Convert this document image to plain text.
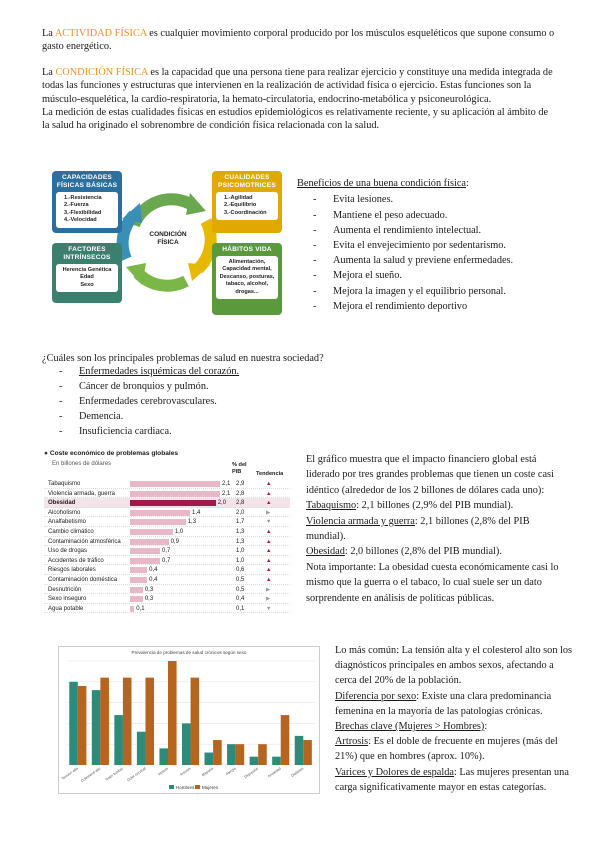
La ACTIVIDAD FÍSICA es cualquier movimiento corporal producido por los músculos esqueléticos que supone consumo o gasto energético.

La CONDICIÓN FÍSICA es la capacidad que una persona tiene para realizar ejercicio y constituye una medida integrada de todas las funciones y estructuras que intervienen en la realización de actividad física o ejercicio. Estas funciones son la músculo-esquelética, la cardio-respiratoria, la hemato-circulatoria, endocrino-metabólica y psiconeurológica.

La medición de estas cualidades físicas en estudios epidemiológicos es relativamente reciente, y su aplicación al ámbito de la salud ha originado el sobrenombre de condición física relacionada con la salud.

CONDICIÓN FÍSICA
CAPACIDADES FÍSICAS BÁSICAS
1.-Resistencia
2.-Fuerza
3.-Flexibilidad
4.-Velocidad
CUALIDADES PSICOMOTRICES
1.-Agilidad
2.-Equilibrio
3.-Coordinación
FACTORES INTRÍNSECOS
Herencia Genética
Edad
Sexo
HÁBITOS VIDA
Alimentación,
Capacidad mental,
Descanso, posturas,
tabaco, alcohol,
drogas...

Beneficios de una buena condición física:

- Evita lesiones.
- Mantiene el peso adecuado.
- Aumenta el rendimiento intelectual.
- Evita el envejecimiento por sedentarismo.
- Aumenta la salud y previene enfermedades.
- Mejora el sueño.
- Mejora la imagen y el equilibrio personal.
- Mejora el rendimiento deportivo

¿Cuáles son los principales problemas de salud en nuestra sociedad?

- Enfermedades isquémicas del corazón.
- Cáncer de bronquios y pulmón.
- Enfermedades cerebrovasculares.
- Demencia.
- Insuficiencia cardiaca.
● Coste económico de problemas globales
En billones de dólares	% del PIB	Tendencia
Tabaquismo	2,1 2,9	▲
Violencia armada, guerra	2,1 2,8	▲
Obesidad	2,0 2,8	▲
Alcoholismo	1,4	2,0	▶
Analfabetismo	1,3	1,7	▼
Cambio climático	1,0	1,3	▲
Contaminación atmosférica	0,9	1,3	▲
Uso de drogas	0,7	1,0	▲
Accidentes de tráfico	0,7	1,0	▲
Riesgos laborales	0,4	0,6	▲
Contaminación doméstica	0,4	0,5	▲
Desnutrición	0,3	0,5	▶
Sexo inseguro	0,3	0,4	▶
Agua potable	0,1	0,1	▼

El gráfico muestra que el impacto financiero global está liderado por tres grandes problemas que tienen un coste casi idéntico (alrededor de los 2 billones de dólares cada uno):

Tabaquismo: 2,1 billones (2,9% del PIB mundial).

Violencia armada y guerra: 2,1 billones (2,8% del PIB mundial).

Obesidad: 2,0 billones (2,8% del PIB mundial).

Nota importante: La obesidad cuesta económicamente casi lo mismo que la guerra o el tabaco, lo cual suele ser un dato sorprendente en análisis de políticas públicas.

Prevalencia de problemas de salud crónicos según sexo
Tensión alta Colesterol alto Dolor lumbar Dolor cervical	Varices	Artrosis	Migraña	Alergia Depresión Ansiedad Diabetes
Hombres Mujeres

Lo más común: La tensión alta y el colesterol alto son los diagnósticos principales en ambos sexos, afectando a cerca del 20% de la población.

Diferencia por sexo: Existe una clara predominancia femenina en la mayoría de las patologías crónicas.

Brechas clave (Mujeres > Hombres):

Artrosis: Es el doble de frecuente en mujeres (más del 21%) que en hombres (aprox. 10%).

Varices y Dolores de espalda: Las mujeres presentan una carga significativamente mayor en estas categorías.
